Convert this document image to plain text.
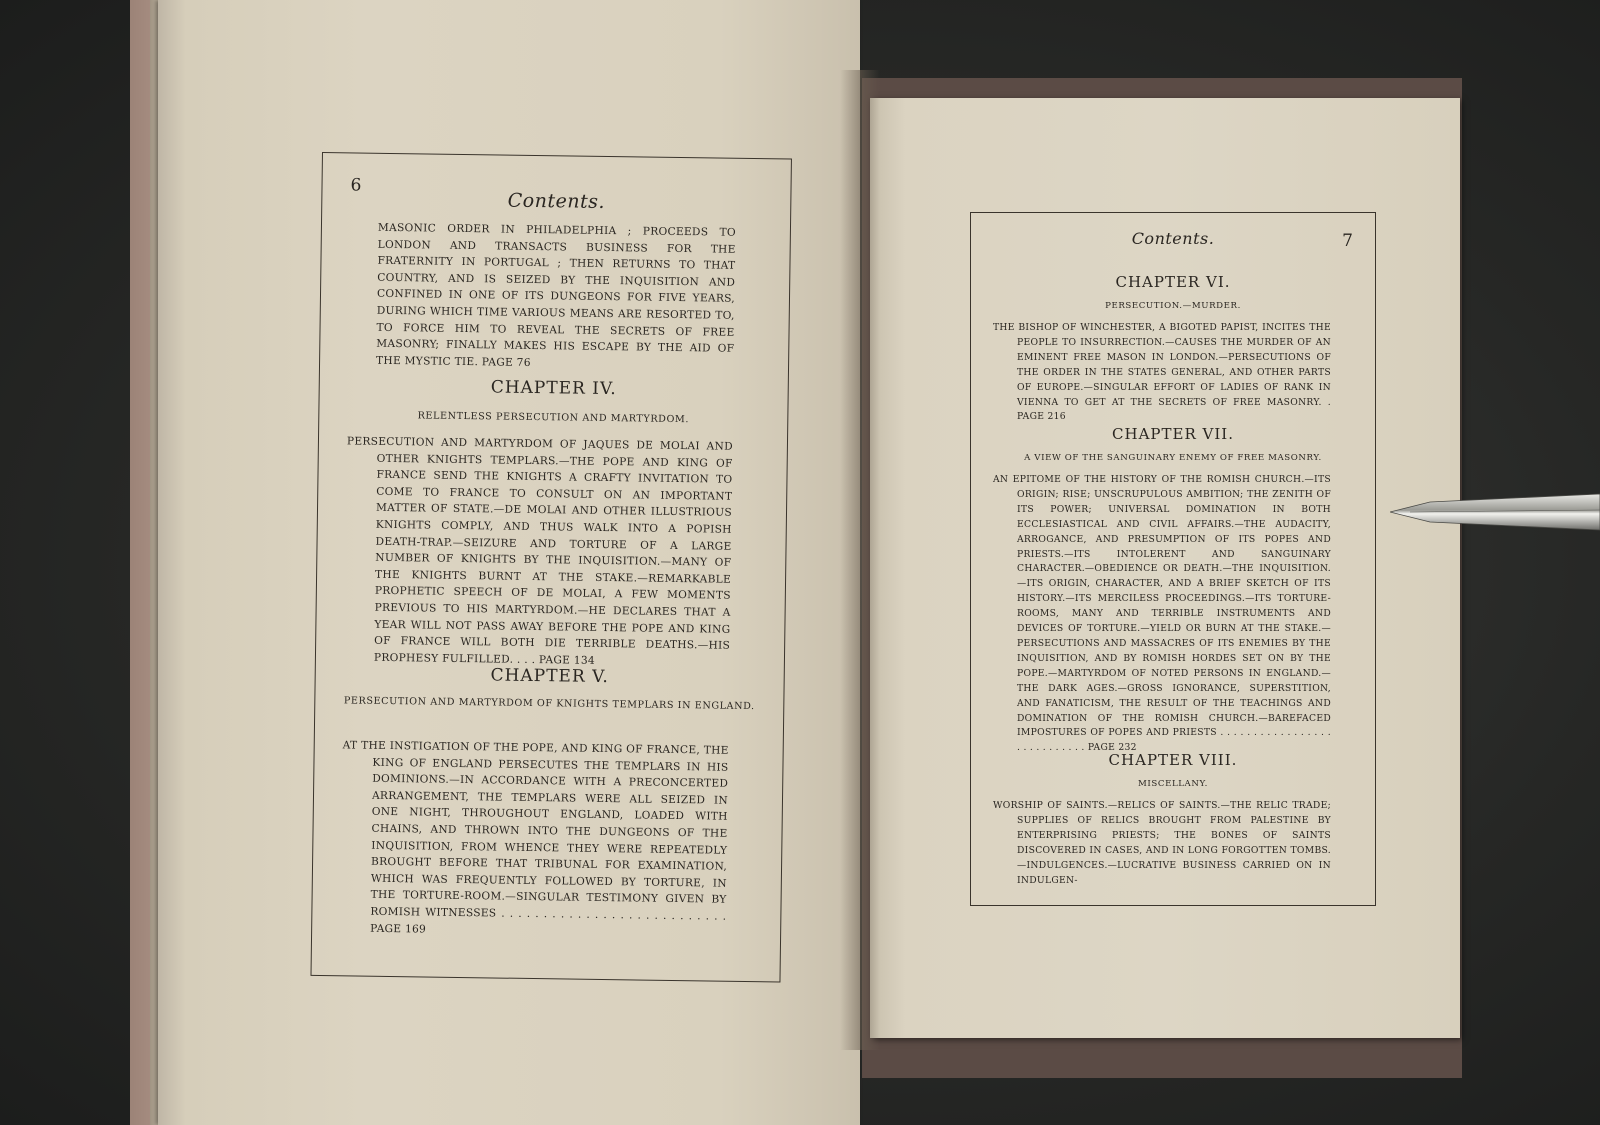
6
Contents.

MASONIC ORDER IN PHILADELPHIA ; PROCEEDS TO LONDON AND TRANSACTS BUSINESS FOR THE FRATERNITY IN PORTUGAL ; THEN RETURNS TO THAT COUNTRY, AND IS SEIZED BY THE INQUISITION AND CONFINED IN ONE OF ITS DUNGEONS FOR FIVE YEARS, DURING WHICH TIME VARIOUS MEANS ARE RESORTED TO, TO FORCE HIM TO REVEAL THE SECRETS OF FREE MASONRY; FINALLY MAKES HIS ESCAPE BY THE AID OF THE MYSTIC TIE. PAGE 76

CHAPTER IV.
RELENTLESS PERSECUTION AND MARTYRDOM.

PERSECUTION AND MARTYRDOM OF JAQUES DE MOLAI AND OTHER KNIGHTS TEMPLARS.—THE POPE AND KING OF FRANCE SEND THE KNIGHTS A CRAFTY INVITATION TO COME TO FRANCE TO CONSULT ON AN IMPORTANT MATTER OF STATE.—DE MOLAI AND OTHER ILLUSTRIOUS KNIGHTS COMPLY, AND THUS WALK INTO A POPISH DEATH-TRAP.—SEIZURE AND TORTURE OF A LARGE NUMBER OF KNIGHTS BY THE INQUISITION.—MANY OF THE KNIGHTS BURNT AT THE STAKE.—REMARKABLE PROPHETIC SPEECH OF DE MOLAI, A FEW MOMENTS PREVIOUS TO HIS MARTYRDOM.—HE DECLARES THAT A YEAR WILL NOT PASS AWAY BEFORE THE POPE AND KING OF FRANCE WILL BOTH DIE TERRIBLE DEATHS.—HIS PROPHESY FULFILLED. . . . PAGE 134

CHAPTER V.
PERSECUTION AND MARTYRDOM OF KNIGHTS TEMPLARS IN ENGLAND.

AT THE INSTIGATION OF THE POPE, AND KING OF FRANCE, THE KING OF ENGLAND PERSECUTES THE TEMPLARS IN HIS DOMINIONS.—IN ACCORDANCE WITH A PRECONCERTED ARRANGEMENT, THE TEMPLARS WERE ALL SEIZED IN ONE NIGHT, THROUGHOUT ENGLAND, LOADED WITH CHAINS, AND THROWN INTO THE DUNGEONS OF THE INQUISITION, FROM WHENCE THEY WERE REPEATEDLY BROUGHT BEFORE THAT TRIBUNAL FOR EXAMINATION, WHICH WAS FREQUENTLY FOLLOWED BY TORTURE, IN THE TORTURE-ROOM.—SINGULAR TESTIMONY GIVEN BY ROMISH WITNESSES . . . . . . . . . . . . . . . . . . . . . . . . . . . PAGE 169

Contents.	7
CHAPTER VI.
PERSECUTION.—MURDER.

THE BISHOP OF WINCHESTER, A BIGOTED PAPIST, INCITES THE PEOPLE TO INSURRECTION.—CAUSES THE MURDER OF AN EMINENT FREE MASON IN LONDON.—PERSECUTIONS OF THE ORDER IN THE STATES GENERAL, AND OTHER PARTS OF EUROPE.—SINGULAR EFFORT OF LADIES OF RANK IN VIENNA TO GET AT THE SECRETS OF FREE MASONRY. . PAGE 216

CHAPTER VII.
A VIEW OF THE SANGUINARY ENEMY OF FREE MASONRY.

AN EPITOME OF THE HISTORY OF THE ROMISH CHURCH.—ITS ORIGIN; RISE; UNSCRUPULOUS AMBITION; THE ZENITH OF ITS POWER; UNIVERSAL DOMINATION IN BOTH ECCLESIASTICAL AND CIVIL AFFAIRS.—THE AUDACITY, ARROGANCE, AND PRESUMPTION OF ITS POPES AND PRIESTS.—ITS INTOLERENT AND SANGUINARY CHARACTER.—OBEDIENCE OR DEATH.—THE INQUISITION.—ITS ORIGIN, CHARACTER, AND A BRIEF SKETCH OF ITS HISTORY.—ITS MERCILESS PROCEEDINGS.—ITS TORTURE-ROOMS, MANY AND TERRIBLE INSTRUMENTS AND DEVICES OF TORTURE.—YIELD OR BURN AT THE STAKE.—PERSECUTIONS AND MASSACRES OF ITS ENEMIES BY THE INQUISITION, AND BY ROMISH HORDES SET ON BY THE POPE.—MARTYRDOM OF NOTED PERSONS IN ENGLAND.—THE DARK AGES.—GROSS IGNORANCE, SUPERSTITION, AND FANATICISM, THE RESULT OF THE TEACHINGS AND DOMINATION OF THE ROMISH CHURCH.—BAREFACED IMPOSTURES OF POPES AND PRIESTS . . . . . . . . . . . . . . . . . . . . . . . . . . . . PAGE 232

CHAPTER VIII.
MISCELLANY.

WORSHIP OF SAINTS.—RELICS OF SAINTS.—THE RELIC TRADE; SUPPLIES OF RELICS BROUGHT FROM PALESTINE BY ENTERPRISING PRIESTS; THE BONES OF SAINTS DISCOVERED IN CASES, AND IN LONG FORGOTTEN TOMBS.—INDULGENCES.—LUCRATIVE BUSINESS CARRIED ON IN INDULGEN-
